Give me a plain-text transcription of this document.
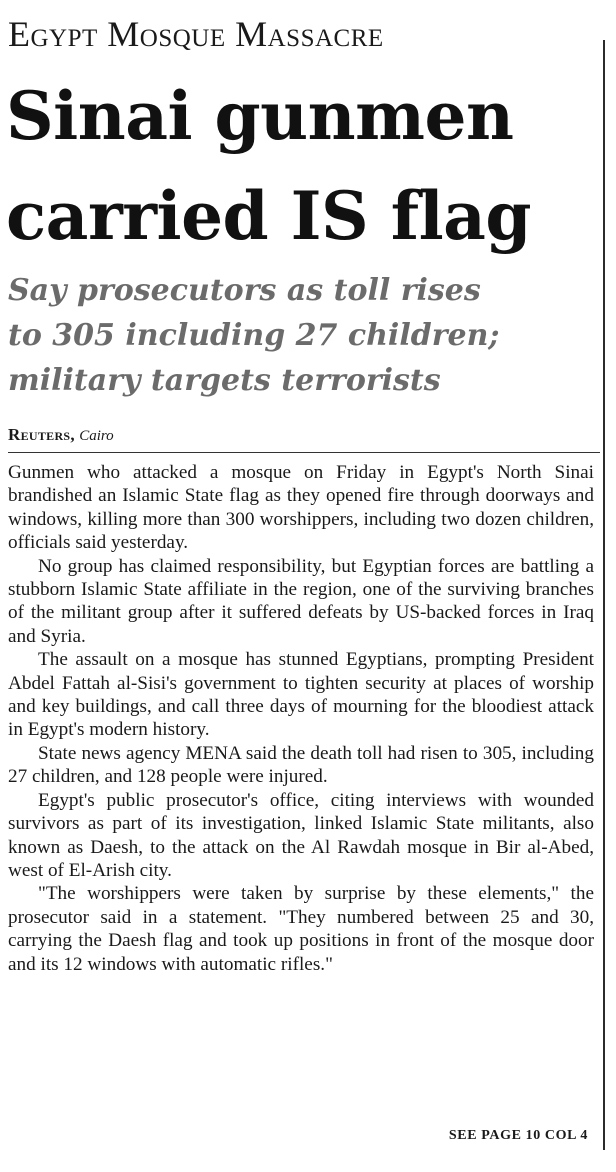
Egypt Mosque Massacre
Sinai gunmen
carried IS flag
Say prosecutors as toll rises
to 305 including 27 children;
military targets terrorists
Reuters, Cairo

Gunmen who attacked a mosque on Friday in Egypt's North Sinai brandished an Islamic State flag as they opened fire through doorways and windows, killing more than 300 worshippers, including two dozen children, officials said yesterday.

No group has claimed responsibility, but Egyptian forces are battling a stubborn Islamic State affiliate in the region, one of the surviving branches of the militant group after it suffered defeats by US-backed forces in Iraq and Syria.

The assault on a mosque has stunned Egyptians, prompting President Abdel Fattah al-Sisi's government to tighten security at places of worship and key buildings, and call three days of mourning for the bloodiest attack in Egypt's modern history.

State news agency MENA said the death toll had risen to 305, including 27 children, and 128 people were injured.

Egypt's public prosecutor's office, citing interviews with wounded survivors as part of its investigation, linked Islamic State militants, also known as Daesh, to the attack on the Al Rawdah mosque in Bir al-Abed, west of El-Arish city.

"The worshippers were taken by surprise by these elements," the prosecutor said in a statement. "They numbered between 25 and 30, carrying the Daesh flag and took up positions in front of the mosque door and its 12 windows with automatic rifles."

SEE PAGE 10 COL 4
